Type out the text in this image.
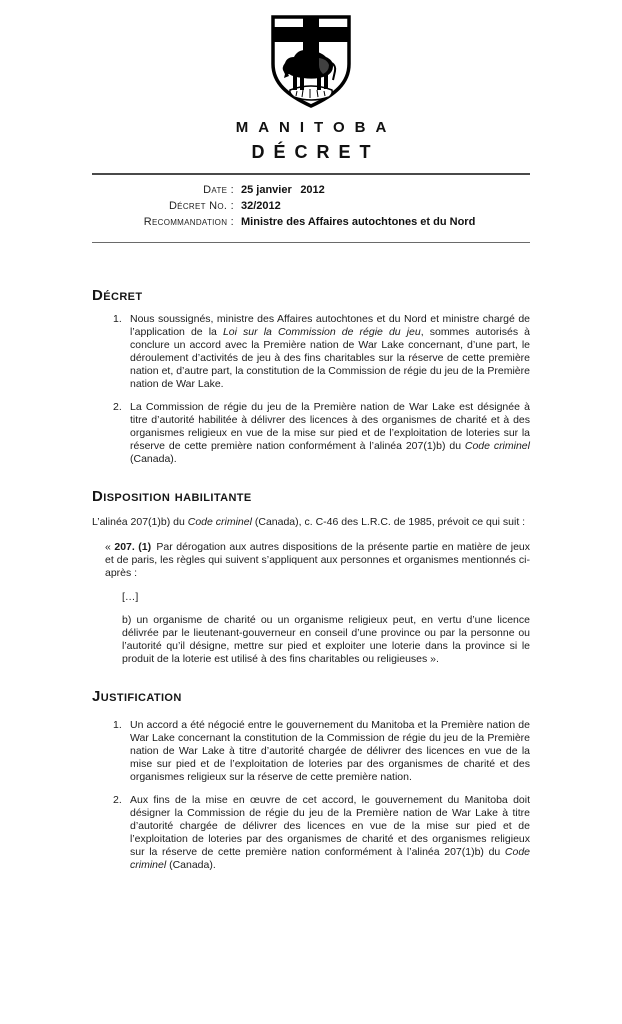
MANITOBA
DÉCRET
Date : 25 janvier  2012
Décret No. : 32/2012
Recommandation : Ministre des Affaires autochtones et du Nord
Décret
1. Nous soussignés, ministre des Affaires autochtones et du Nord et ministre chargé de l’application de la Loi sur la Commission de régie du jeu, sommes autorisés à conclure un accord avec la Première nation de War Lake concernant, d’une part, le déroulement d’activités de jeu à des fins charitables sur la réserve de cette première nation et, d’autre part, la constitution de la Commission de régie du jeu de la Première nation de War Lake.
2. La Commission de régie du jeu de la Première nation de War Lake est désignée à titre d’autorité habilitée à délivrer des licences à des organismes de charité et à des organismes religieux en vue de la mise sur pied et de l’exploitation de loteries sur la réserve de cette première nation conformément à l’alinéa 207(1)b) du Code criminel (Canada).
Disposition habilitante

L’alinéa 207(1)b) du Code criminel (Canada), c. C-46 des L.R.C. de 1985, prévoit ce qui suit :

« 207. (1) Par dérogation aux autres dispositions de la présente partie en matière de jeux et de paris, les règles qui suivent s’appliquent aux personnes et organismes mentionnés ci-après :

[…]

b) un organisme de charité ou un organisme religieux peut, en vertu d’une licence délivrée par le lieutenant-gouverneur en conseil d’une province ou par la personne ou l’autorité qu’il désigne, mettre sur pied et exploiter une loterie dans la province si le produit de la loterie est utilisé à des fins charitables ou religieuses ».

Justification
1. Un accord a été négocié entre le gouvernement du Manitoba et la Première nation de War Lake concernant la constitution de la Commission de régie du jeu de la Première nation de War Lake à titre d’autorité chargée de délivrer des licences en vue de la mise sur pied et de l’exploitation de loteries par des organismes de charité et des organismes religieux sur la réserve de cette première nation.
2. Aux fins de la mise en œuvre de cet accord, le gouvernement du Manitoba doit désigner la Commission de régie du jeu de la Première nation de War Lake à titre d’autorité chargée de délivrer des licences en vue de la mise sur pied et de l’exploitation de loteries par des organismes de charité et des organismes religieux sur la réserve de cette première nation conformément à l’alinéa 207(1)b) du Code criminel (Canada).
